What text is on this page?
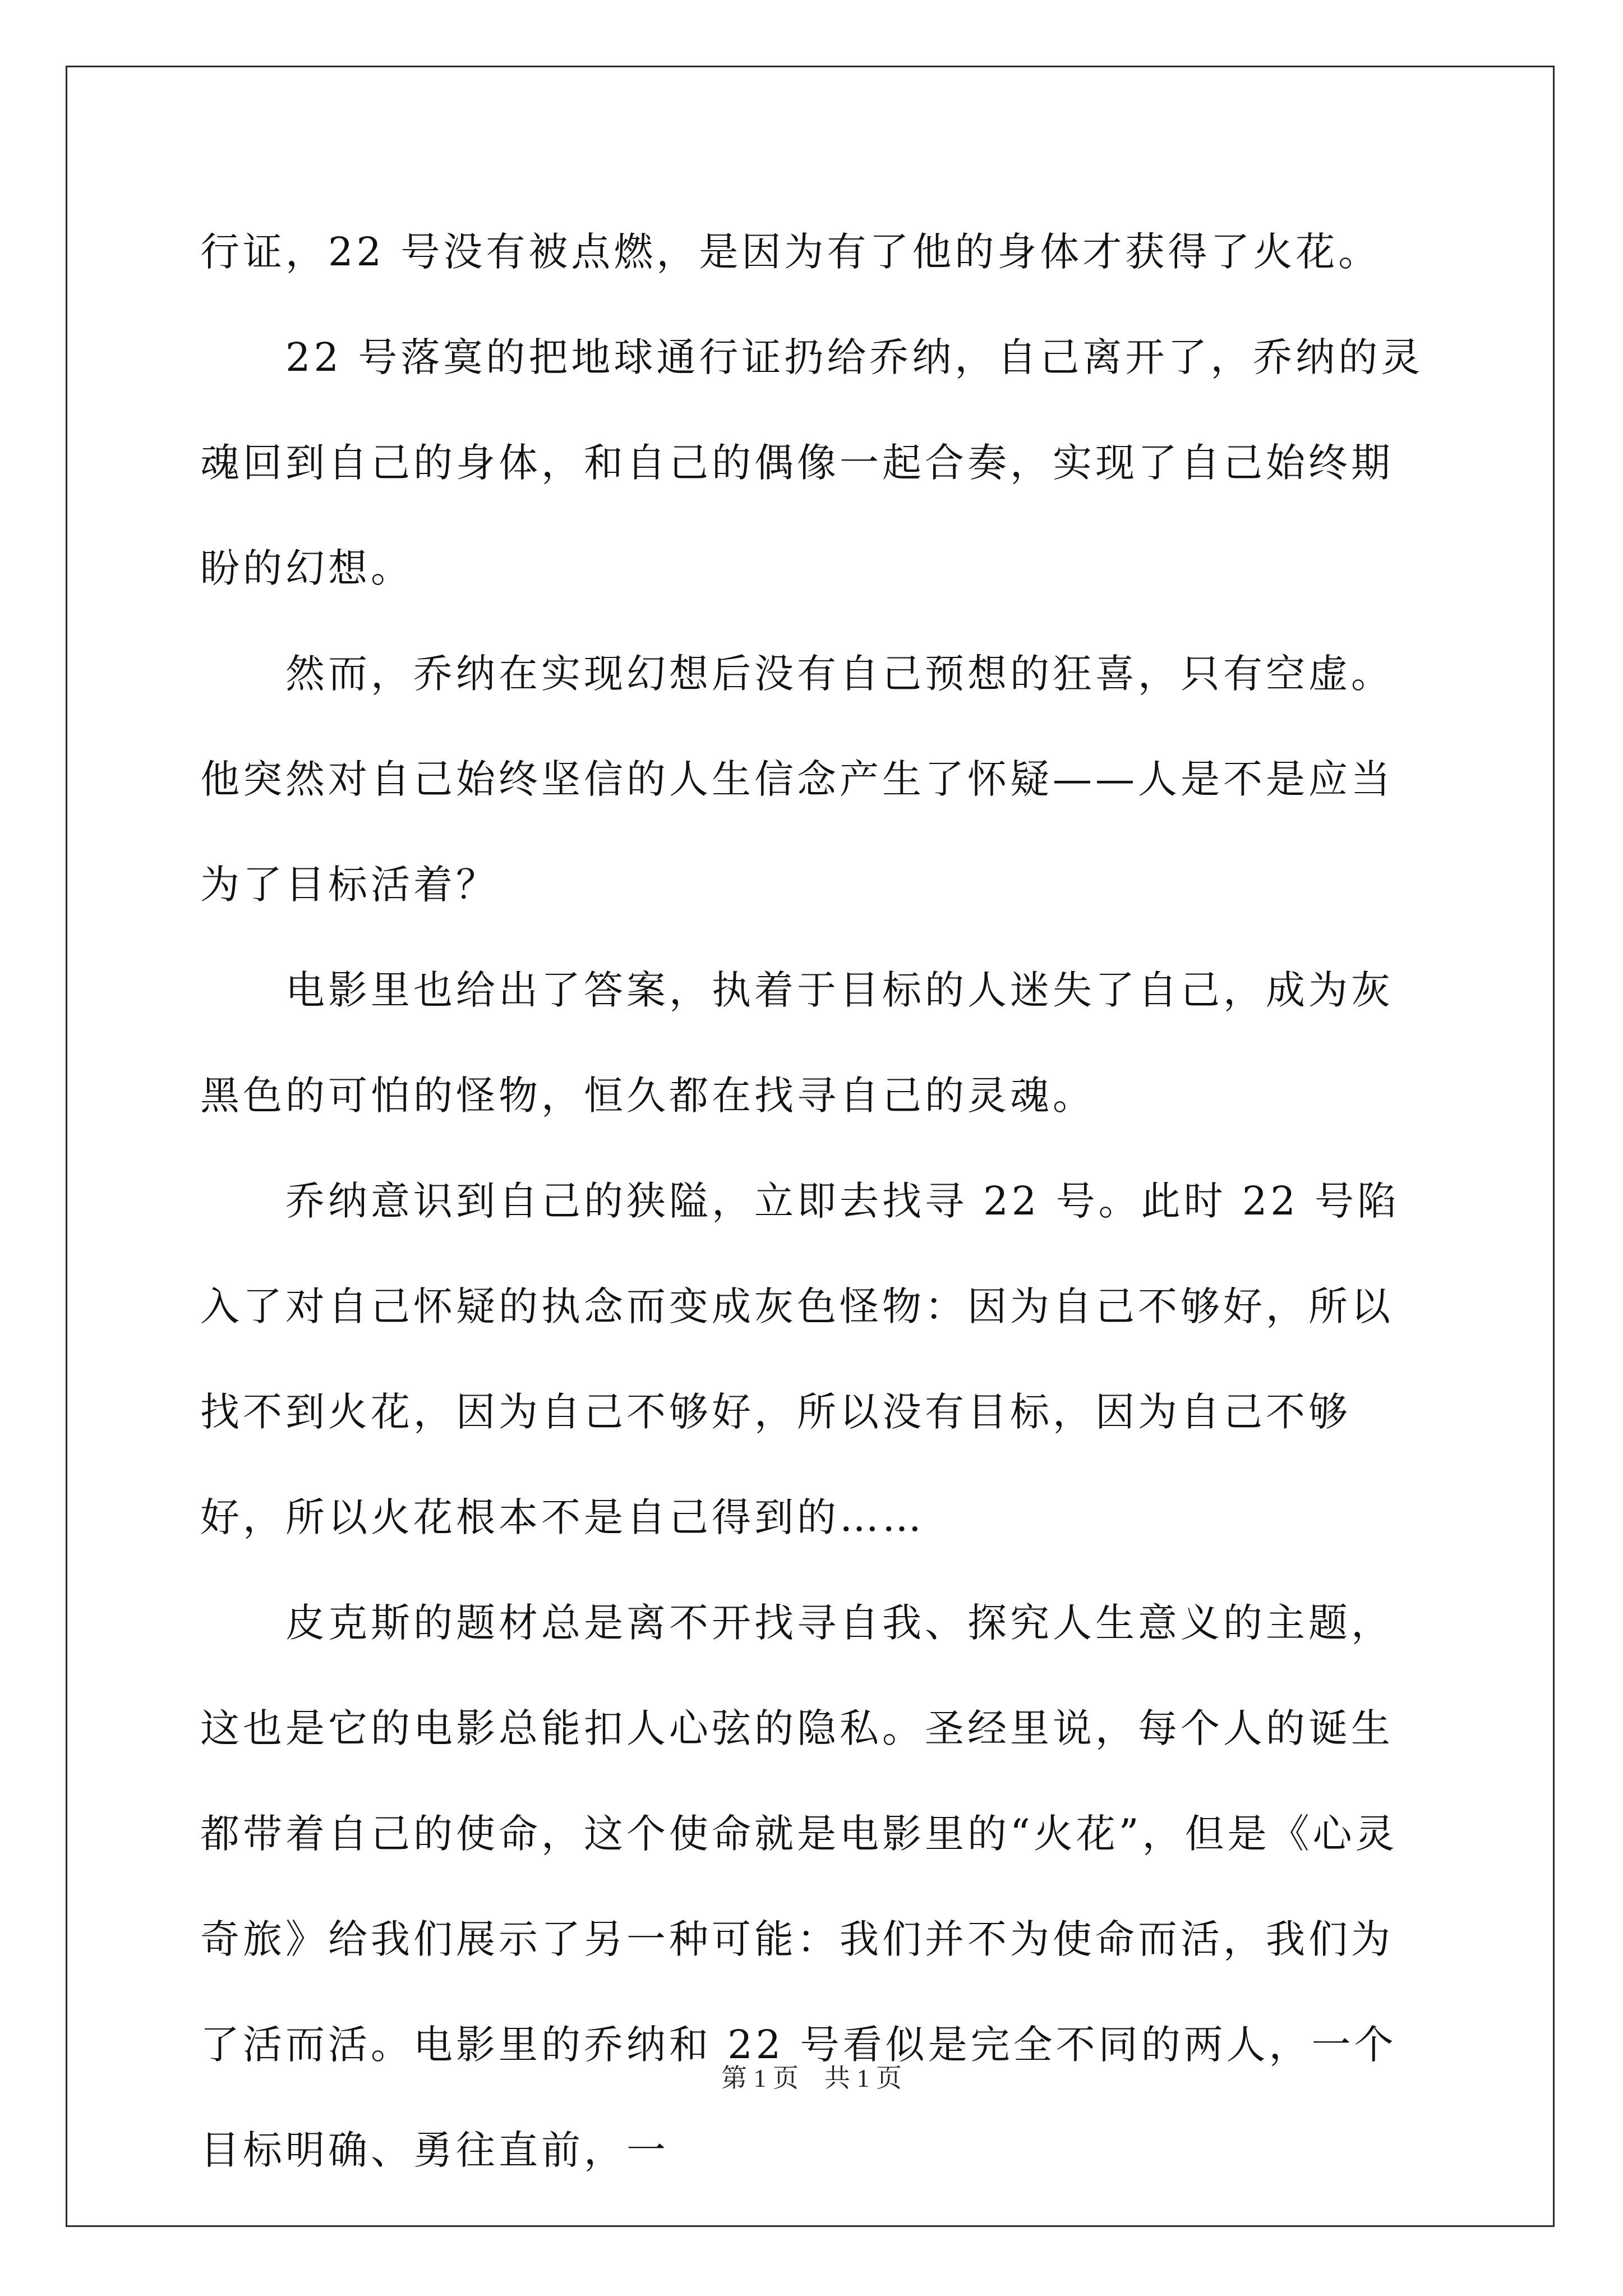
行证，22 号没有被点燃，是因为有了他的身体才获得了火花。

22 号落寞的把地球通行证扔给乔纳，自己离开了，乔纳的灵魂回到自己的身体，和自己的偶像一起合奏，实现了自己始终期盼的幻想。

然而，乔纳在实现幻想后没有自己预想的狂喜，只有空虚。他突然对自己始终坚信的人生信念产生了怀疑——人是不是应当为了目标活着？

电影里也给出了答案，执着于目标的人迷失了自己，成为灰黑色的可怕的怪物，恒久都在找寻自己的灵魂。

乔纳意识到自己的狭隘，立即去找寻 22 号。此时 22 号陷入了对自己怀疑的执念而变成灰色怪物：因为自己不够好，所以找不到火花，因为自己不够好，所以没有目标，因为自己不够好，所以火花根本不是自己得到的……

皮克斯的题材总是离不开找寻自我、探究人生意义的主题，这也是它的电影总能扣人心弦的隐私。圣经里说，每个人的诞生都带着自己的使命，这个使命就是电影里的“火花”，但是《心灵奇旅》给我们展示了另一种可能：我们并不为使命而活，我们为了活而活。电影里的乔纳和 22 号看似是完全不同的两人，一个目标明确、勇往直前，一

第 1 页 共 1 页
